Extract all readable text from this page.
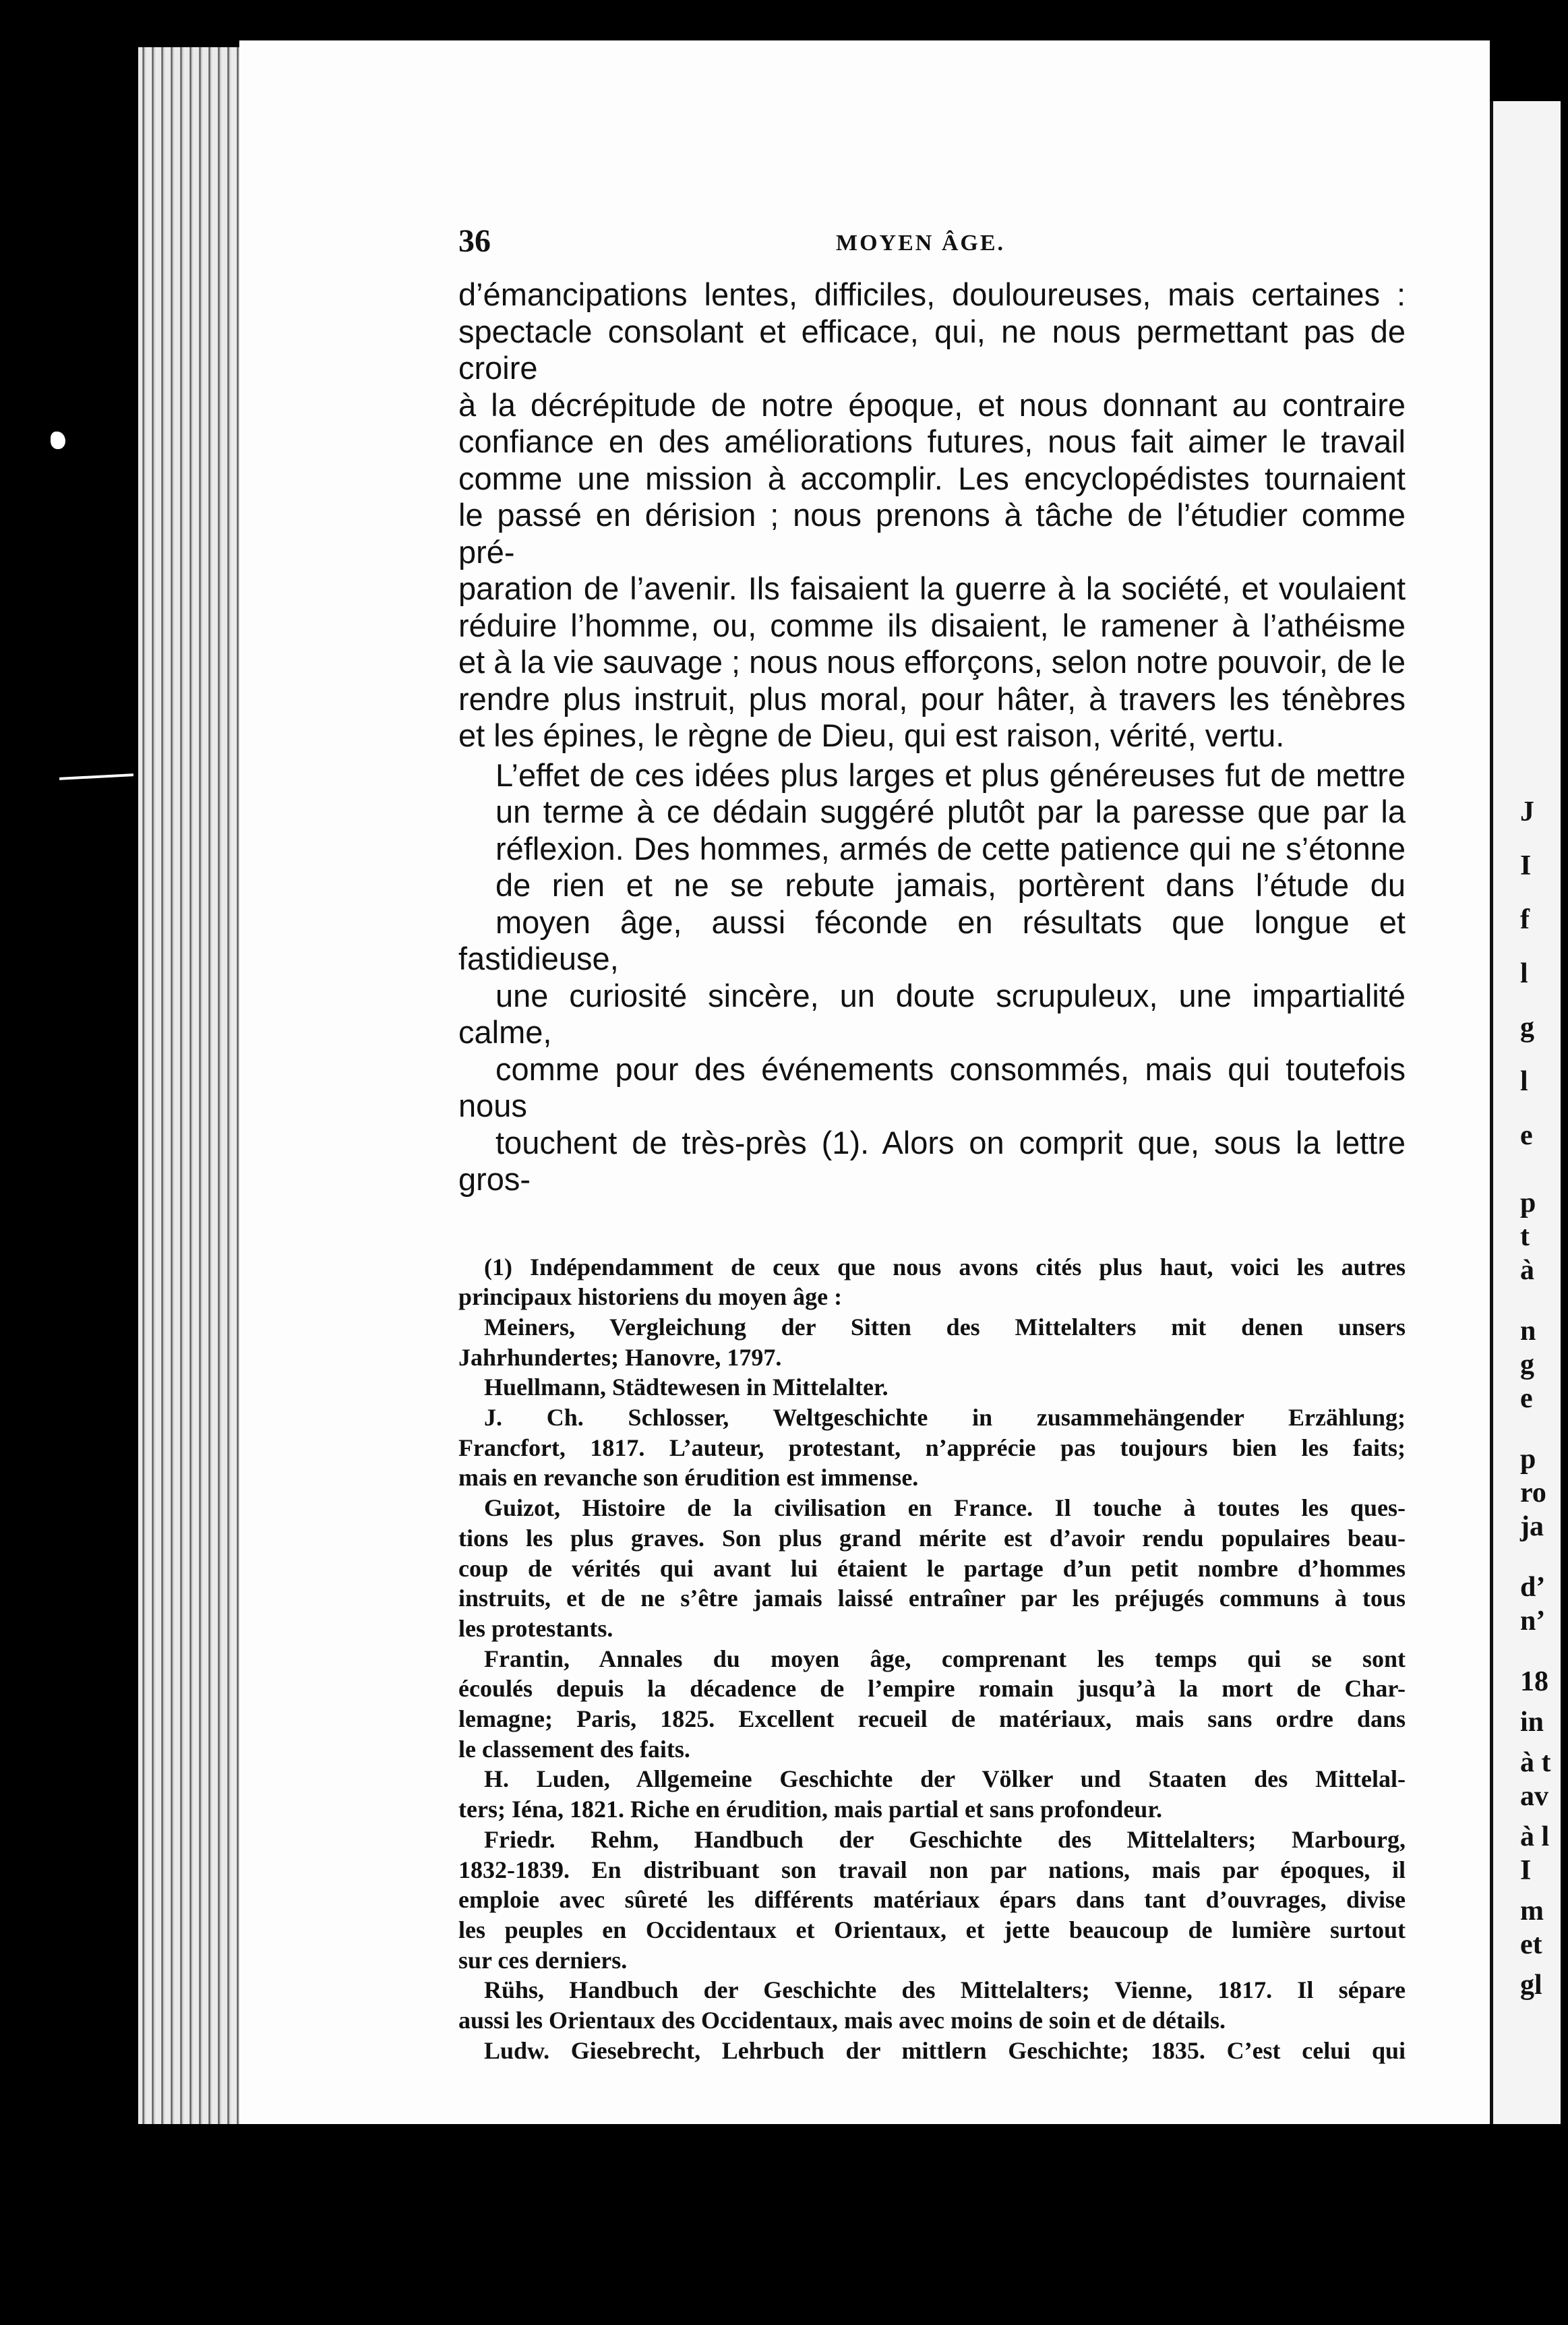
36	MOYEN ÂGE.

d’émancipations lentes, difficiles, douloureuses, mais certaines :
spectacle consolant et efficace, qui, ne nous permettant pas de croire
à la décrépitude de notre époque, et nous donnant au contraire
confiance en des améliorations futures, nous fait aimer le travail
comme une mission à accomplir. Les encyclopédistes tournaient
le passé en dérision ; nous prenons à tâche de l’étudier comme pré-
paration de l’avenir. Ils faisaient la guerre à la société, et voulaient
réduire l’homme, ou, comme ils disaient, le ramener à l’athéisme
et à la vie sauvage ; nous nous efforçons, selon notre pouvoir, de le
rendre plus instruit, plus moral, pour hâter, à travers les ténèbres
et les épines, le règne de Dieu, qui est raison, vérité, vertu.

L’effet de ces idées plus larges et plus généreuses fut de mettre
un terme à ce dédain suggéré plutôt par la paresse que par la
réflexion. Des hommes, armés de cette patience qui ne s’étonne
de rien et ne se rebute jamais, portèrent dans l’étude du
moyen âge, aussi féconde en résultats que longue et fastidieuse,
une curiosité sincère, un doute scrupuleux, une impartialité calme,
comme pour des événements consommés, mais qui toutefois nous
touchent de très-près (1). Alors on comprit que, sous la lettre gros-

(1) Indépendamment de ceux que nous avons cités plus haut, voici les autres
principaux historiens du moyen âge :
Meiners, Vergleichung der Sitten des Mittelalters mit denen unsers
Jahrhundertes; Hanovre, 1797.
Huellmann, Städtewesen in Mittelalter.
J. Ch. Schlosser, Weltgeschichte in zusammehängender Erzählung;
Francfort, 1817. L’auteur, protestant, n’apprécie pas toujours bien les faits;
mais en revanche son érudition est immense.
Guizot, Histoire de la civilisation en France. Il touche à toutes les ques-
tions les plus graves. Son plus grand mérite est d’avoir rendu populaires beau-
coup de vérités qui avant lui étaient le partage d’un petit nombre d’hommes
instruits, et de ne s’être jamais laissé entraîner par les préjugés communs à tous
les protestants.
Frantin, Annales du moyen âge, comprenant les temps qui se sont
écoulés depuis la décadence de l’empire romain jusqu’à la mort de Char-
lemagne; Paris, 1825. Excellent recueil de matériaux, mais sans ordre dans
le classement des faits.
H. Luden, Allgemeine Geschichte der Völker und Staaten des Mittelal-
ters; Iéna, 1821. Riche en érudition, mais partial et sans profondeur.
Friedr. Rehm, Handbuch der Geschichte des Mittelalters; Marbourg,
1832-1839. En distribuant son travail non par nations, mais par époques, il
emploie avec sûreté les différents matériaux épars dans tant d’ouvrages, divise
les peuples en Occidentaux et Orientaux, et jette beaucoup de lumière surtout
sur ces derniers.
Rühs, Handbuch der Geschichte des Mittelalters; Vienne, 1817. Il sépare
aussi les Orientaux des Occidentaux, mais avec moins de soin et de détails.
Ludw. Giesebrecht, Lehrbuch der mittlern Geschichte; 1835. C’est celui qui
J
I
f
l
g
l
e
p
t
à
n
g
e
p
ro
ja
d’
n’
18
in
à t
av
à l
I
m
et
gl
